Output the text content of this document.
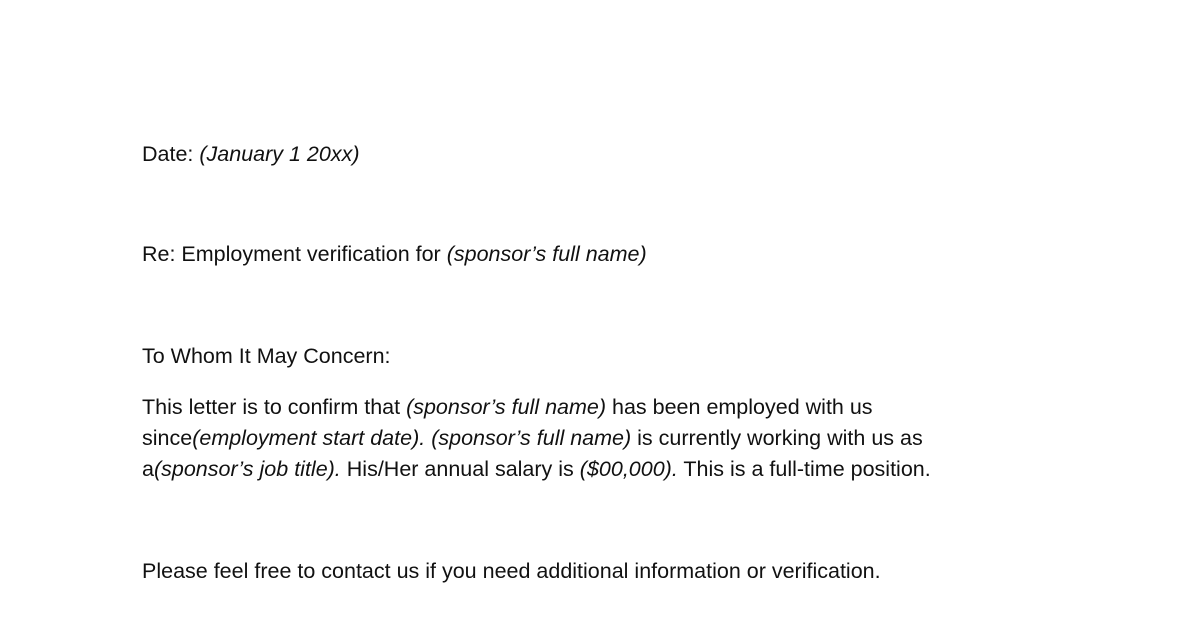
Date: (January 1 20xx)

Re: Employment verification for (sponsor’s full name)

To Whom It May Concern:

This letter is to confirm that (sponsor’s full name) has been employed with us
since(employment start date). (sponsor’s full name) is currently working with us as
a(sponsor’s job title). His/Her annual salary is ($00,000). This is a full-time position.

Please feel free to contact us if you need additional information or verification.
